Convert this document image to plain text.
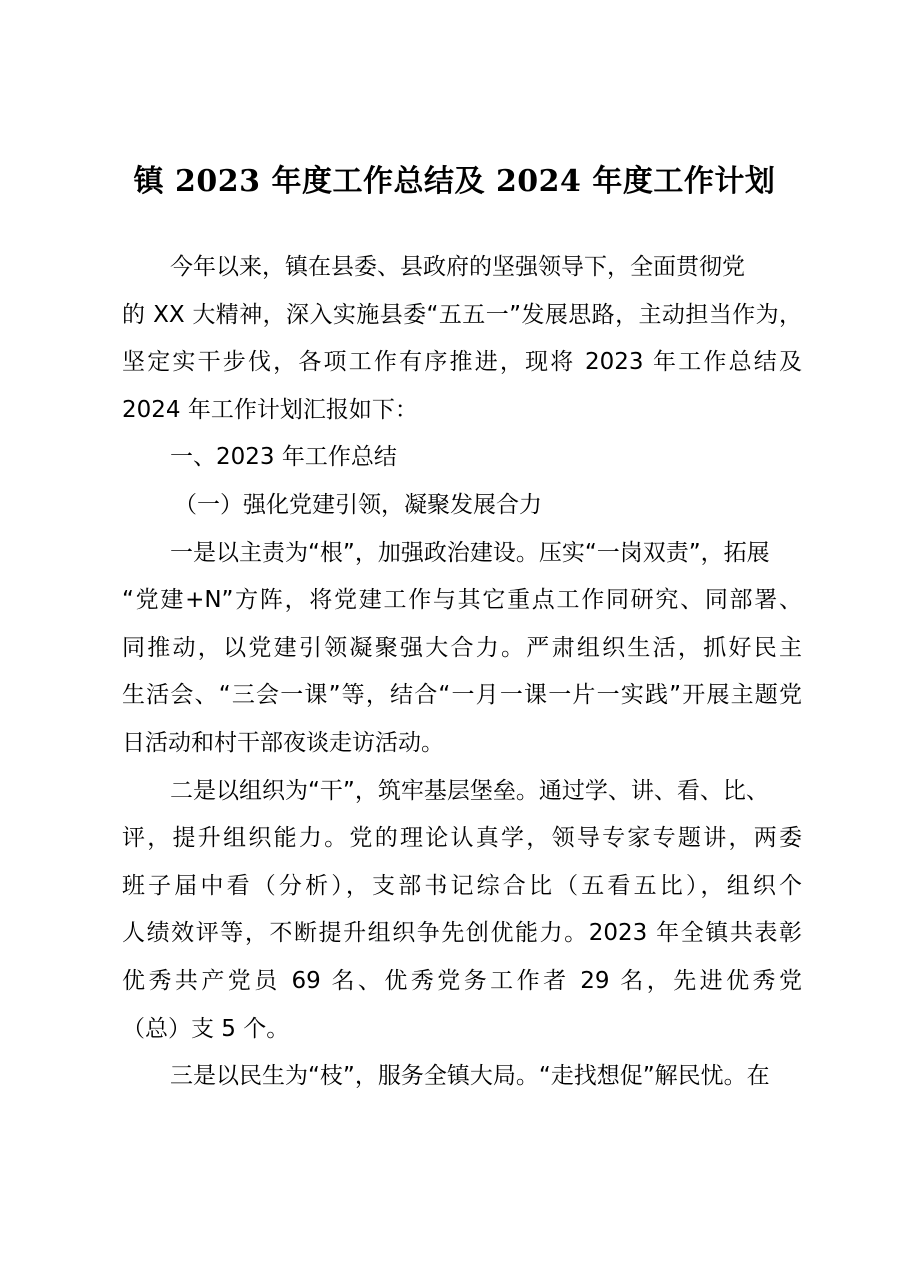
镇 2023 年度工作总结及 2024 年度工作计划
今年以来，镇在县委、县政府的坚强领导下，全面贯彻党
的 XX 大精神，深入实施县委“五五一”发展思路，主动担当作为，
坚定实干步伐，各项工作有序推进，现将 2023 年工作总结及
2024 年工作计划汇报如下：
一、2023 年工作总结
（一）强化党建引领，凝聚发展合力
一是以主责为“根”，加强政治建设。压实“一岗双责”，拓展
“党建+N”方阵，将党建工作与其它重点工作同研究、同部署、
同推动，以党建引领凝聚强大合力。严肃组织生活，抓好民主
生活会、“三会一课”等，结合“一月一课一片一实践”开展主题党
日活动和村干部夜谈走访活动。
二是以组织为“干”，筑牢基层堡垒。通过学、讲、看、比、
评，提升组织能力。党的理论认真学，领导专家专题讲，两委
班子届中看（分析），支部书记综合比（五看五比），组织个
人绩效评等，不断提升组织争先创优能力。2023 年全镇共表彰
优秀共产党员 69 名、优秀党务工作者 29 名，先进优秀党
（总）支 5 个。
三是以民生为“枝”，服务全镇大局。“走找想促”解民忧。在
